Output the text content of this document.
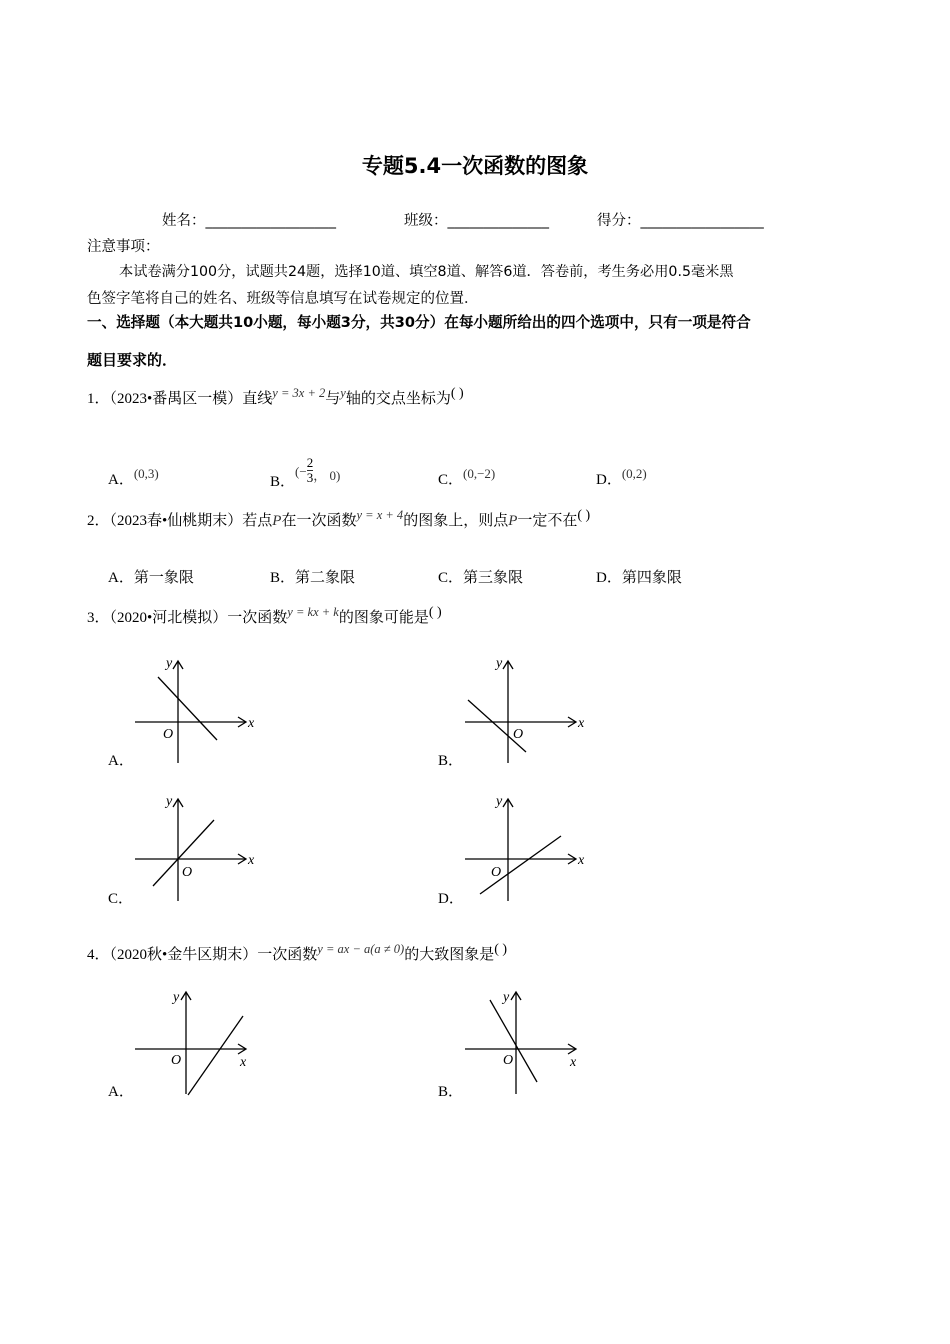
专题5.4一次函数的图象
姓名：__________________	班级：______________	得分：_________________
注意事项：
本试卷满分100分，试题共24题，选择10道、填空8道、解答6道．答卷前，考生务必用0.5毫米黑
色签字笔将自己的姓名、班级等信息填写在试卷规定的位置．
一、选择题（本大题共10小题，每小题3分，共30分）在每小题所给出的四个选项中，只有一项是符合
题目要求的．
1．（2023•番禺区一模）直线$^{y = 3x + 2}$与$^y$轴的交点坐标为( )
A．(0,3)
B．(− $\frac{2}{3}$ ， 0)	C．(0,−2)	D．(0,2)
2．（2023春•仙桃期末）若点P在一次函数$^{y = x + 4}$的图象上，则点P一定不在( )
A．第一象限	B．第二象限	C．第三象限	D．第四象限
3．（2020•河北模拟）一次函数$^{y = kx + k}$的图象可能是( )
x
y
O
A．
x
y
O
B．
x
y
O
C．
x
y
O
D．
4．（2020秋•金牛区期末）一次函数$^{y = ax - a(a \ne 0)}$的大致图象是( )
x
y
O
A．
x
y
O
B．
